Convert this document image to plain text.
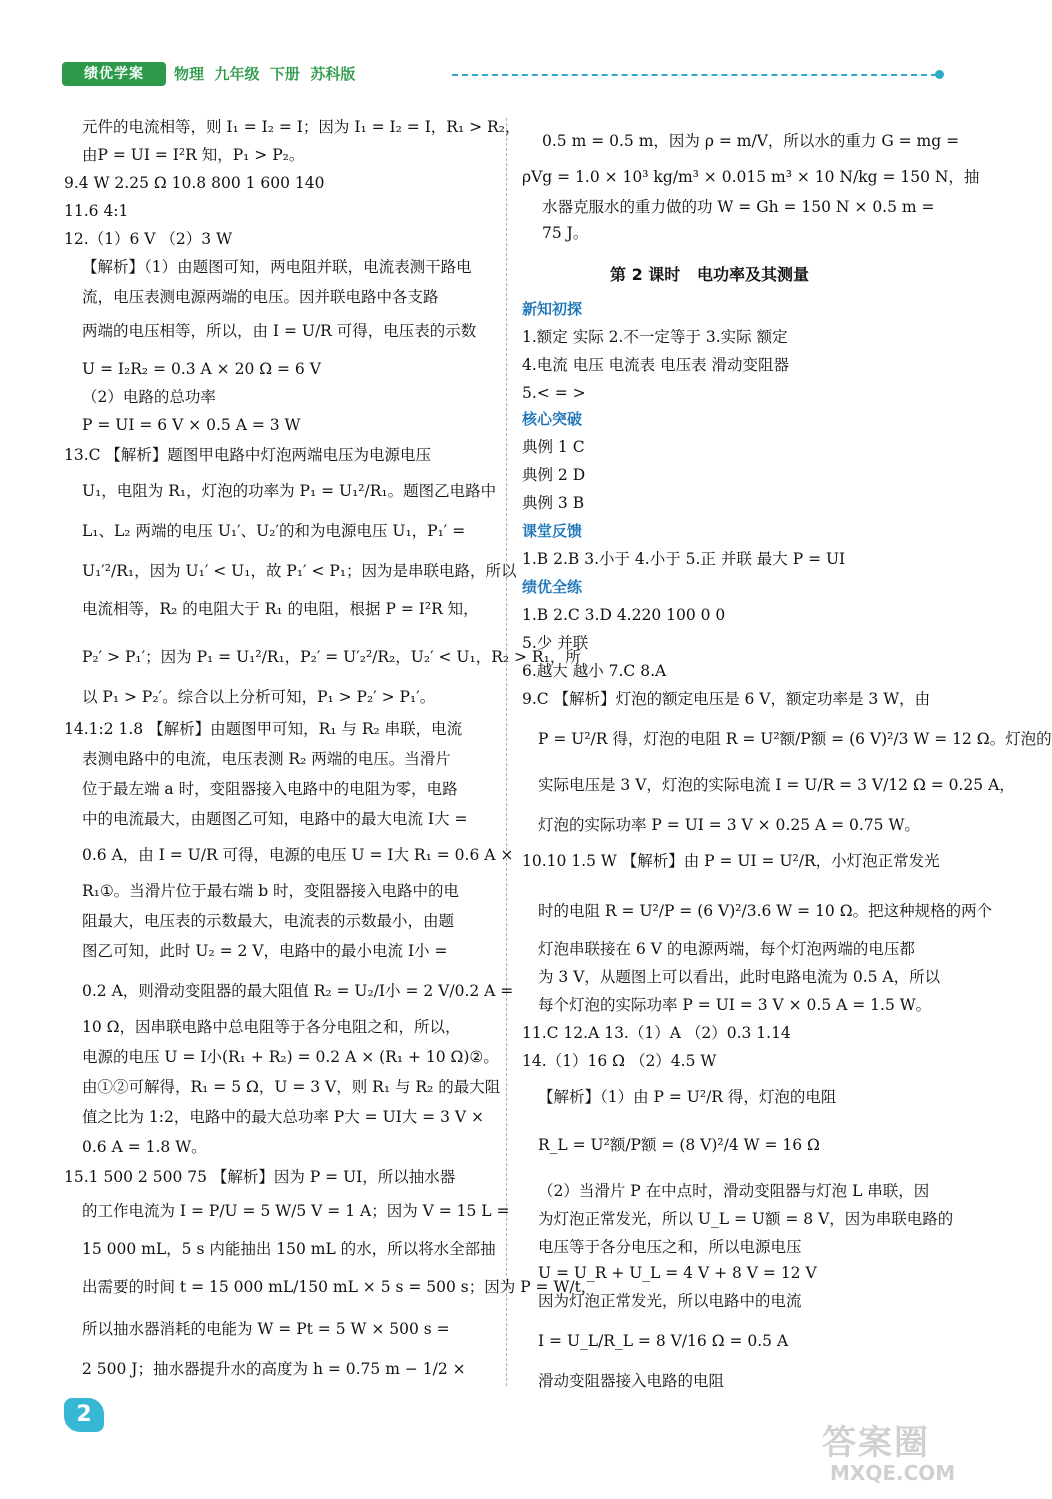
绩优学案	物理  九年级  下册  苏科版
元件的电流相等，则 I₁ = I₂ = I；因为 I₁ = I₂ = I，R₁ > R₂，
由P = UI = I²R 知，P₁ > P₂。
9.4 W 2.25 Ω 10.8 800 1 600 140
11.6 4:1
12.（1）6 V （2）3 W
【解析】（1）由题图可知，两电阻并联，电流表测干路电
流，电压表测电源两端的电压。因并联电路中各支路
两端的电压相等，所以，由 I = U/R 可得，电压表的示数
U = I₂R₂ = 0.3 A × 20 Ω = 6 V
（2）电路的总功率
P = UI = 6 V × 0.5 A = 3 W
13.C 【解析】题图甲电路中灯泡两端电压为电源电压
U₁，电阻为 R₁，灯泡的功率为 P₁ = U₁²/R₁。题图乙电路中
L₁、L₂ 两端的电压 U₁′、U₂′的和为电源电压 U₁，P₁′ =
U₁′²/R₁，因为 U₁′ < U₁，故 P₁′ < P₁；因为是串联电路，所以
电流相等，R₂ 的电阻大于 R₁ 的电阻，根据 P = I²R 知，
P₂′ > P₁′；因为 P₁ = U₁²/R₁，P₂′ = U′₂²/R₂，U₂′ < U₁，R₂ > R₁，所
以 P₁ > P₂′。综合以上分析可知，P₁ > P₂′ > P₁′。
14.1:2 1.8 【解析】由题图甲可知，R₁ 与 R₂ 串联，电流
表测电路中的电流，电压表测 R₂ 两端的电压。当滑片
位于最左端 a 时，变阻器接入电路中的电阻为零，电路
中的电流最大，由题图乙可知，电路中的最大电流 I大 =
0.6 A，由 I = U/R 可得，电源的电压 U = I大 R₁ = 0.6 A ×
R₁①。当滑片位于最右端 b 时，变阻器接入电路中的电
阻最大，电压表的示数最大，电流表的示数最小，由题
图乙可知，此时 U₂ = 2 V，电路中的最小电流 I小 =
0.2 A，则滑动变阻器的最大阻值 R₂ = U₂/I小 = 2 V/0.2 A =
10 Ω，因串联电路中总电阻等于各分电阻之和，所以，
电源的电压 U = I小(R₁ + R₂) = 0.2 A × (R₁ + 10 Ω)②。
由①②可解得，R₁ = 5 Ω，U = 3 V，则 R₁ 与 R₂ 的最大阻
值之比为 1:2，电路中的最大总功率 P大 = UI大 = 3 V ×
0.6 A = 1.8 W。
15.1 500 2 500 75 【解析】因为 P = UI，所以抽水器
的工作电流为 I = P/U = 5 W/5 V = 1 A；因为 V = 15 L =
15 000 mL，5 s 内能抽出 150 mL 的水，所以将水全部抽
出需要的时间 t = 15 000 mL/150 mL × 5 s = 500 s；因为 P = W/t，
所以抽水器消耗的电能为 W = Pt = 5 W × 500 s =
2 500 J；抽水器提升水的高度为 h = 0.75 m − 1/2 ×
0.5 m = 0.5 m，因为 ρ = m/V，所以水的重力 G = mg =
ρVg = 1.0 × 10³ kg/m³ × 0.015 m³ × 10 N/kg = 150 N，抽
水器克服水的重力做的功 W = Gh = 150 N × 0.5 m =
75 J。
第 2 课时   电功率及其测量
新知初探
1.额定 实际 2.不一定等于 3.实际 额定
4.电流 电压 电流表 电压表 滑动变阻器
5.< = >
核心突破
典例 1 C
典例 2 D
典例 3 B
课堂反馈
1.B 2.B 3.小于 4.小于 5.正 并联 最大 P = UI
绩优全练
1.B 2.C 3.D 4.220 100 0 0
5.少 并联
6.越大 越小 7.C 8.A
9.C 【解析】灯泡的额定电压是 6 V，额定功率是 3 W，由
P = U²/R 得，灯泡的电阻 R = U²额/P额 = (6 V)²/3 W = 12 Ω。灯泡的
实际电压是 3 V，灯泡的实际电流 I = U/R = 3 V/12 Ω = 0.25 A，
灯泡的实际功率 P = UI = 3 V × 0.25 A = 0.75 W。
10.10 1.5 W 【解析】由 P = UI = U²/R，小灯泡正常发光
时的电阻 R = U²/P = (6 V)²/3.6 W = 10 Ω。把这种规格的两个
灯泡串联接在 6 V 的电源两端，每个灯泡两端的电压都
为 3 V，从题图上可以看出，此时电路电流为 0.5 A，所以
每个灯泡的实际功率 P = UI = 3 V × 0.5 A = 1.5 W。
11.C 12.A 13.（1）A （2）0.3 1.14
14.（1）16 Ω （2）4.5 W
【解析】（1）由 P = U²/R 得，灯泡的电阻
R_L = U²额/P额 = (8 V)²/4 W = 16 Ω
（2）当滑片 P 在中点时，滑动变阻器与灯泡 L 串联，因
为灯泡正常发光，所以 U_L = U额 = 8 V，因为串联电路的
电压等于各分电压之和，所以电源电压
U = U_R + U_L = 4 V + 8 V = 12 V
因为灯泡正常发光，所以电路中的电流
I = U_L/R_L = 8 V/16 Ω = 0.5 A
滑动变阻器接入电路的电阻
2
答案圈
MXQE.COM
